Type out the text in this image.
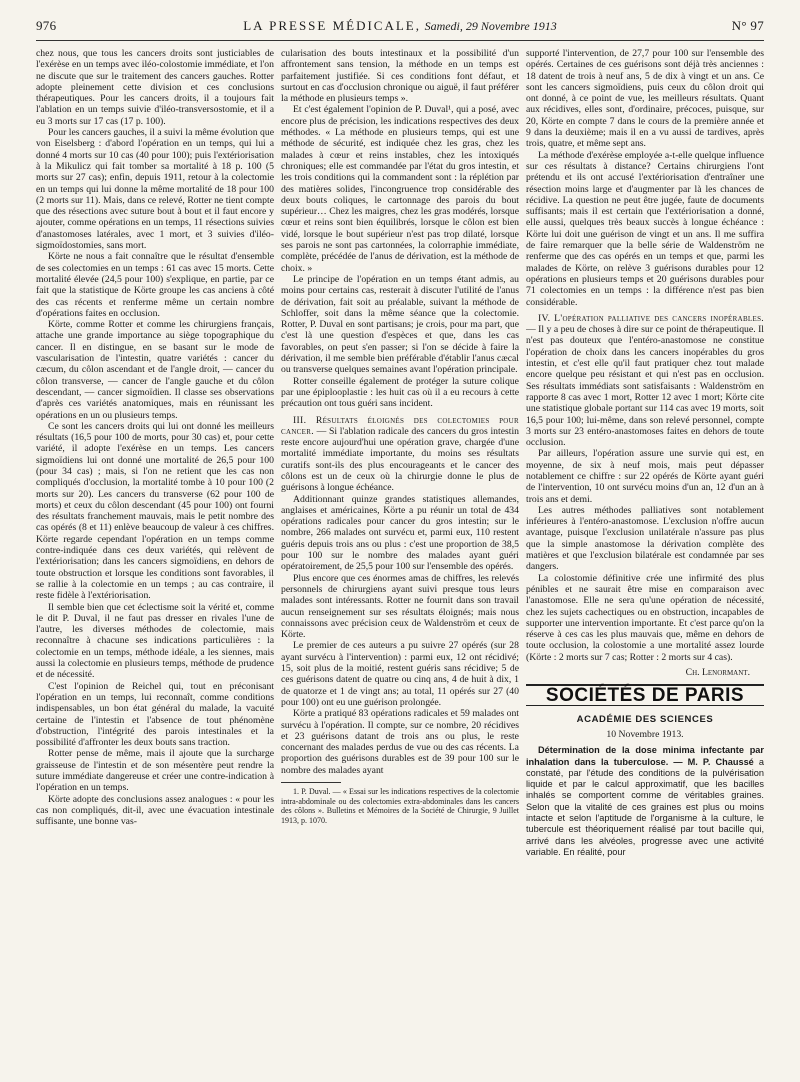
976	LA PRESSE MÉDICALE, Samedi, 29 Novembre 1913	N° 97

chez nous, que tous les cancers droits sont justiciables de l'exérèse en un temps avec iléo-colostomie immédiate, et l'on ne discute que sur le traitement des cancers gauches. Rotter adopte pleinement cette division et ces conclusions thérapeutiques. Pour les cancers droits, il a toujours fait l'ablation en un temps suivie d'iléo-transversostomie, et il a eu 3 morts sur 17 cas (17 p. 100).

Pour les cancers gauches, il a suivi la même évolution que von Eiselsberg : d'abord l'opération en un temps, qui lui a donné 4 morts sur 10 cas (40 pour 100); puis l'extériorisation à la Mikulicz qui fait tomber sa mortalité à 18 p. 100 (5 morts sur 27 cas); enfin, depuis 1911, retour à la colectomie en un temps qui lui donne la même mortalité de 18 pour 100 (2 morts sur 11). Mais, dans ce relevé, Rotter ne tient compte que des résections avec suture bout à bout et il faut encore y ajouter, comme opérations en un temps, 11 résections suivies d'anastomoses latérales, avec 1 mort, et 3 suivies d'iléo-sigmoïdostomies, sans mort.

Körte ne nous a fait connaître que le résultat d'ensemble de ses colectomies en un temps : 61 cas avec 15 morts. Cette mortalité élevée (24,5 pour 100) s'explique, en partie, par ce fait que la statistique de Körte groupe les cas anciens à côté des cas récents et renferme même un certain nombre d'opérations faites en occlusion.

Körte, comme Rotter et comme les chirurgiens français, attache une grande importance au siège topographique du cancer. Il en distingue, en se basant sur le mode de vascularisation de l'intestin, quatre variétés : cancer du cæcum, du côlon ascendant et de l'angle droit, — cancer du côlon transverse, — cancer de l'angle gauche et du côlon descendant, — cancer sigmoïdien. Il classe ses observations d'après ces variétés anatomiques, mais en réunissant les opérations en un ou plusieurs temps.

Ce sont les cancers droits qui lui ont donné les meilleurs résultats (16,5 pour 100 de morts, pour 30 cas) et, pour cette variété, il adopte l'exérèse en un temps. Les cancers sigmoïdiens lui ont donné une mortalité de 26,5 pour 100 (pour 34 cas) ; mais, si l'on ne retient que les cas non compliqués d'occlusion, la mortalité tombe à 10 pour 100 (2 morts sur 20). Les cancers du transverse (62 pour 100 de morts) et ceux du côlon descendant (45 pour 100) ont fourni des résultats franchement mauvais, mais le petit nombre des cas opérés (8 et 11) enlève beaucoup de valeur à ces chiffres. Körte regarde cependant l'opération en un temps comme contre-indiquée dans ces deux variétés, qui relèvent de l'extériorisation; dans les cancers sigmoïdiens, en dehors de toute obstruction et lorsque les conditions sont favorables, il se rallie à la colectomie en un temps ; au cas contraire, il reste fidèle à l'extériorisation.

Il semble bien que cet éclectisme soit la vérité et, comme le dit P. Duval, il ne faut pas dresser en rivales l'une de l'autre, les diverses méthodes de colectomie, mais reconnaître à chacune ses indications particulières : la colectomie en un temps, méthode idéale, a les siennes, mais aussi la colectomie en plusieurs temps, méthode de prudence et de nécessité.

C'est l'opinion de Reichel qui, tout en préconisant l'opération en un temps, lui reconnaît, comme conditions indispensables, un bon état général du malade, la vacuité certaine de l'intestin et l'absence de tout phénomène d'obstruction, l'intégrité des parois intestinales et la possibilité d'affronter les deux bouts sans traction.

Rotter pense de même, mais il ajoute que la surcharge graisseuse de l'intestin et de son mésentère peut rendre la suture immédiate dangereuse et créer une contre-indication à l'opération en un temps.

Körte adopte des conclusions assez analogues : « pour les cas non compliqués, dit-il, avec une évacuation intestinale suffisante, une bonne vas-

cularisation des bouts intestinaux et la possibilité d'un affrontement sans tension, la méthode en un temps est parfaitement justifiée. Si ces conditions font défaut, et surtout en cas d'occlusion chronique ou aiguë, il faut préférer la méthode en plusieurs temps ».

Et c'est également l'opinion de P. Duval¹, qui a posé, avec encore plus de précision, les indications respectives des deux méthodes. « La méthode en plusieurs temps, qui est une méthode de sécurité, est indiquée chez les gras, chez les malades à cœur et reins instables, chez les intoxiqués chroniques; elle est commandée par l'état du gros intestin, et les trois conditions qui la commandent sont : la réplétion par des matières solides, l'incongruence trop considérable des deux bouts coliques, le cartonnage des parois du bout supérieur… Chez les maigres, chez les gras modérés, lorsque cœur et reins sont bien équilibrés, lorsque le côlon est bien vidé, lorsque le bout supérieur n'est pas trop dilaté, lorsque ses parois ne sont pas cartonnées, la colorraphie immédiate, complète, précédée de l'anus de dérivation, est la méthode de choix. »

Le principe de l'opération en un temps étant admis, au moins pour certains cas, resterait à discuter l'utilité de l'anus de dérivation, fait soit au préalable, suivant la méthode de Schloffer, soit dans la même séance que la colectomie. Rotter, P. Duval en sont partisans; je crois, pour ma part, que c'est là une question d'espèces et que, dans les cas favorables, on peut s'en passer; si l'on se décide à faire la dérivation, il me semble bien préférable d'établir l'anus cæcal ou transverse quelques semaines avant l'opération principale.

Rotter conseille également de protéger la suture colique par une épiplooplastie : les huit cas où il a eu recours à cette précaution ont tous guéri sans incident.

III. Résultats éloignés des colectomies pour cancer. — Si l'ablation radicale des cancers du gros intestin reste encore aujourd'hui une opération grave, chargée d'une mortalité immédiate importante, du moins ses résultats curatifs sont-ils des plus encourageants et le cancer des côlons est un de ceux où la chirurgie donne le plus de guérisons à longue échéance.

Additionnant quinze grandes statistiques allemandes, anglaises et américaines, Körte a pu réunir un total de 434 opérations radicales pour cancer du gros intestin; sur le nombre, 266 malades ont survécu et, parmi eux, 110 restent guéris depuis trois ans ou plus : c'est une proportion de 38,5 pour 100 sur le nombre des malades ayant guéri opératoirement, de 25,5 pour 100 sur l'ensemble des opérés.

Plus encore que ces énormes amas de chiffres, les relevés personnels de chirurgiens ayant suivi presque tous leurs malades sont intéressants. Rotter ne fournit dans son travail aucun renseignement sur ses résultats éloignés; mais nous connaissons avec précision ceux de Waldenström et ceux de Körte.

Le premier de ces auteurs a pu suivre 27 opérés (sur 28 ayant survécu à l'intervention) : parmi eux, 12 ont récidivé; 15, soit plus de la moitié, restent guéris sans récidive; 5 de ces guérisons datent de quatre ou cinq ans, 4 de huit à dix, 1 de quatorze et 1 de vingt ans; au total, 11 opérés sur 27 (40 pour 100) ont eu une guérison prolongée.

Körte a pratiqué 83 opérations radicales et 59 malades ont survécu à l'opération. Il compte, sur ce nombre, 20 récidives et 23 guérisons datant de trois ans ou plus, le reste concernant des malades perdus de vue ou des cas récents. La proportion des guérisons durables est de 39 pour 100 sur le nombre des malades ayant

1. P. Duval. — « Essai sur les indications respectives de la colectomie intra-abdominale ou des colectomies extra-abdominales dans les cancers des côlons ». Bulletins et Mémoires de la Société de Chirurgie, 9 Juillet 1913, p. 1070.

supporté l'intervention, de 27,7 pour 100 sur l'ensemble des opérés. Certaines de ces guérisons sont déjà très anciennes : 18 datent de trois à neuf ans, 5 de dix à vingt et un ans. Ce sont les cancers sigmoïdiens, puis ceux du côlon droit qui ont donné, à ce point de vue, les meilleurs résultats. Quant aux récidives, elles sont, d'ordinaire, précoces, puisque, sur 20, Körte en compte 7 dans le cours de la première année et 9 dans la deuxième; mais il en a vu aussi de tardives, après trois, quatre, et même sept ans.

La méthode d'exérèse employée a-t-elle quelque influence sur ces résultats à distance? Certains chirurgiens l'ont prétendu et ils ont accusé l'extériorisation d'entraîner une résection moins large et d'augmenter par là les chances de récidive. La question ne peut être jugée, faute de documents suffisants; mais il est certain que l'extériorisation a donné, elle aussi, quelques très beaux succès à longue échéance : Körte lui doit une guérison de vingt et un ans. Il me suffira de faire remarquer que la belle série de Waldenström ne renferme que des cas opérés en un temps et que, parmi les malades de Körte, on relève 3 guérisons durables pour 12 opérations en plusieurs temps et 20 guérisons durables pour 71 colectomies en un temps : la différence n'est pas bien considérable.

IV. L'opération palliative des cancers inopérables. — Il y a peu de choses à dire sur ce point de thérapeutique. Il n'est pas douteux que l'entéro-anastomose ne constitue l'opération de choix dans les cancers inopérables du gros intestin, et c'est elle qu'il faut pratiquer chez tout malade encore quelque peu résistant et qui n'est pas en occlusion. Ses résultats immédiats sont satisfaisants : Waldenström en rapporte 8 cas avec 1 mort, Rotter 12 avec 1 mort; Körte cite une statistique globale portant sur 114 cas avec 19 morts, soit 16,5 pour 100; lui-même, dans son relevé personnel, compte 3 morts sur 23 entéro-anastomoses faites en dehors de toute occlusion.

Par ailleurs, l'opération assure une survie qui est, en moyenne, de six à neuf mois, mais peut dépasser notablement ce chiffre : sur 22 opérés de Körte ayant guéri de l'intervention, 10 ont survécu moins d'un an, 12 d'un an à trois ans et demi.

Les autres méthodes palliatives sont notablement inférieures à l'entéro-anastomose. L'exclusion n'offre aucun avantage, puisque l'exclusion unilatérale n'assure pas plus que la simple anastomose la dérivation complète des matières et que l'exclusion bilatérale est condamnée par ses dangers.

La colostomie définitive crée une infirmité des plus pénibles et ne saurait être mise en comparaison avec l'anastomose. Elle ne sera qu'une opération de nécessité, chez les sujets cachectiques ou en obstruction, incapables de supporter une intervention importante. Et c'est parce qu'on la réserve à ces cas les plus mauvais que, même en dehors de toute occlusion, la colostomie a une mortalité assez lourde (Körte : 2 morts sur 7 cas; Rotter : 2 morts sur 4 cas).

Ch. Lenormant.
SOCIÉTÉS DE PARIS
ACADÉMIE DES SCIENCES
10 Novembre 1913.

Détermination de la dose minima infectante par inhalation dans la tuberculose. — M. P. Chaussé a constaté, par l'étude des conditions de la pulvérisation liquide et par le calcul approximatif, que les bacilles inhalés se comportent comme de véritables graines. Selon que la vitalité de ces graines est plus ou moins intacte et selon l'aptitude de l'organisme à la culture, le tubercule est théoriquement réalisé par tout bacille qui, arrivé dans les alvéoles, progresse avec une activité variable. En réalité, pour
